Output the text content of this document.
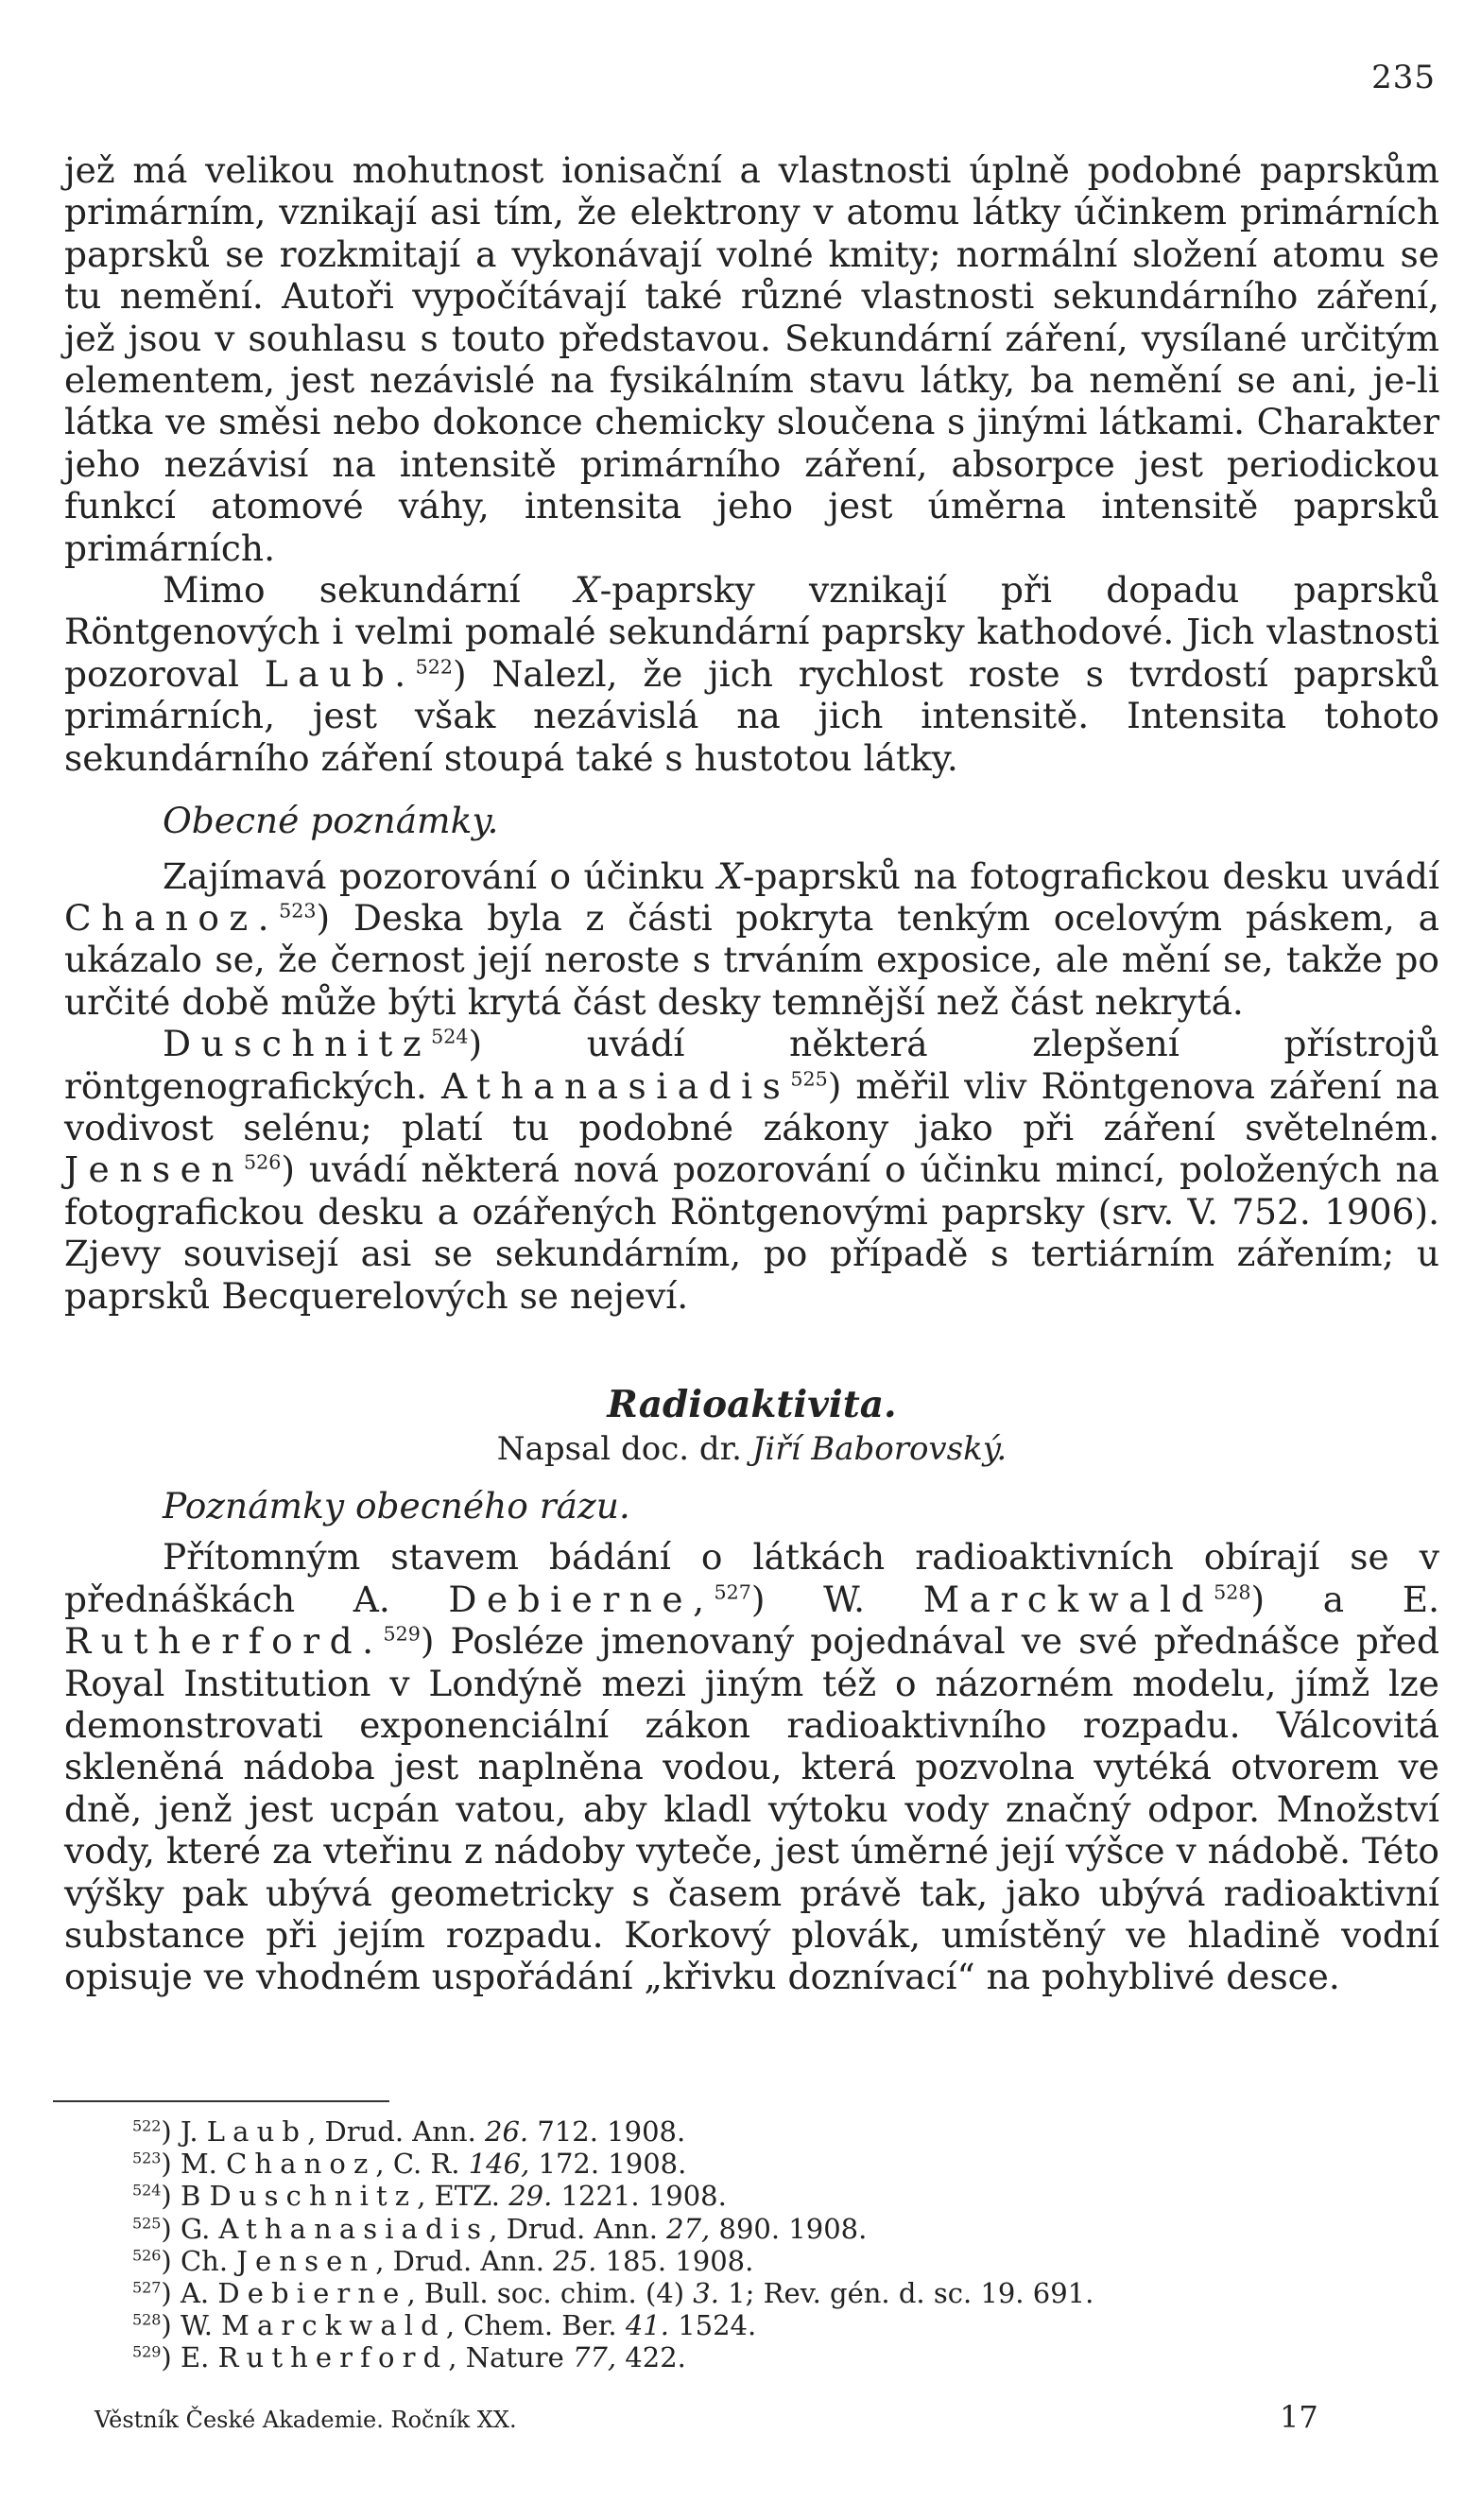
235

jež má velikou mohutnost ionisační a vlastnosti úplně podobné paprskům primárním, vznikají asi tím, že elektrony v atomu látky účinkem primárních paprsků se rozkmitají a vykonávají volné kmity; normální složení atomu se tu nemění. Autoři vypočítávají také různé vlastnosti sekundárního záření, jež jsou v souhlasu s touto představou. Sekundární záření, vysílané určitým elementem, jest nezávislé na fysikálním stavu látky, ba nemění se ani, je-li látka ve směsi nebo dokonce chemicky sloučena s jinými látkami. Charakter jeho nezávisí na intensitě primárního záření, absorpce jest periodickou funkcí atomové váhy, intensita jeho jest úměrna intensitě paprsků primárních.

Mimo sekundární X-paprsky vznikají při dopadu paprsků Röntgenových i velmi pomalé sekundární paprsky kathodové. Jich vlastnosti pozoroval Laub.$^{522}$) Nalezl, že jich rychlost roste s tvrdostí paprsků primárních, jest však nezávislá na jich intensitě. Intensita tohoto sekundárního záření stoupá také s hustotou látky.

Obecné poznámky.

Zajímavá pozorování o účinku X-paprsků na fotografickou desku uvádí Chanoz.$^{523}$) Deska byla z části pokryta tenkým ocelovým páskem, a ukázalo se, že černost její neroste s trváním exposice, ale mění se, takže po určité době může býti krytá část desky temnější než část nekrytá.

Duschnitz$^{524}$) uvádí některá zlepšení přístrojů röntgenografických. Athanasiadis$^{525}$) měřil vliv Röntgenova záření na vodivost selénu; platí tu podobné zákony jako při záření světelném. Jensen$^{526}$) uvádí některá nová pozorování o účinku mincí, položených na fotografickou desku a ozářených Röntgenovými paprsky (srv. V. 752. 1906). Zjevy souvisejí asi se sekundárním, po případě s tertiárním zářením; u paprsků Becquerelových se nejeví.

Radioaktivita.

Napsal doc. dr. Jiří Baborovský.

Poznámky obecného rázu.

Přítomným stavem bádání o látkách radioaktivních obírají se v přednáškách A. Debierne,$^{527}$) W. Marckwald$^{528}$) a E. Rutherford.$^{529}$) Posléze jmenovaný pojednával ve své přednášce před Royal Institution v Londýně mezi jiným též o názorném modelu, jímž lze demonstrovati exponenciální zákon radioaktivního rozpadu. Válcovitá skleněná nádoba jest naplněna vodou, která pozvolna vytéká otvorem ve dně, jenž jest ucpán vatou, aby kladl výtoku vody značný odpor. Množství vody, které za vteřinu z nádoby vyteče, jest úměrné její výšce v nádobě. Této výšky pak ubývá geometricky s časem právě tak, jako ubývá radioaktivní substance při jejím rozpadu. Korkový plovák, umístěný ve hladině vodní opisuje ve vhodném uspořádání „křivku doznívací“ na pohyblivé desce.

$^{522}$) J. Laub, Drud. Ann. 26. 712. 1908.

$^{523}$) M. Chanoz, C. R. 146, 172. 1908.

$^{524}$) B Duschnitz, ETZ. 29. 1221. 1908.

$^{525}$) G. Athanasiadis, Drud. Ann. 27, 890. 1908.

$^{526}$) Ch. Jensen, Drud. Ann. 25. 185. 1908.

$^{527}$) A. Debierne, Bull. soc. chim. (4) 3. 1; Rev. gén. d. sc. 19. 691.

$^{528}$) W. Marckwald, Chem. Ber. 41. 1524.

$^{529}$) E. Rutherford, Nature 77, 422.

Věstník České Akademie. Ročník XX.	17
